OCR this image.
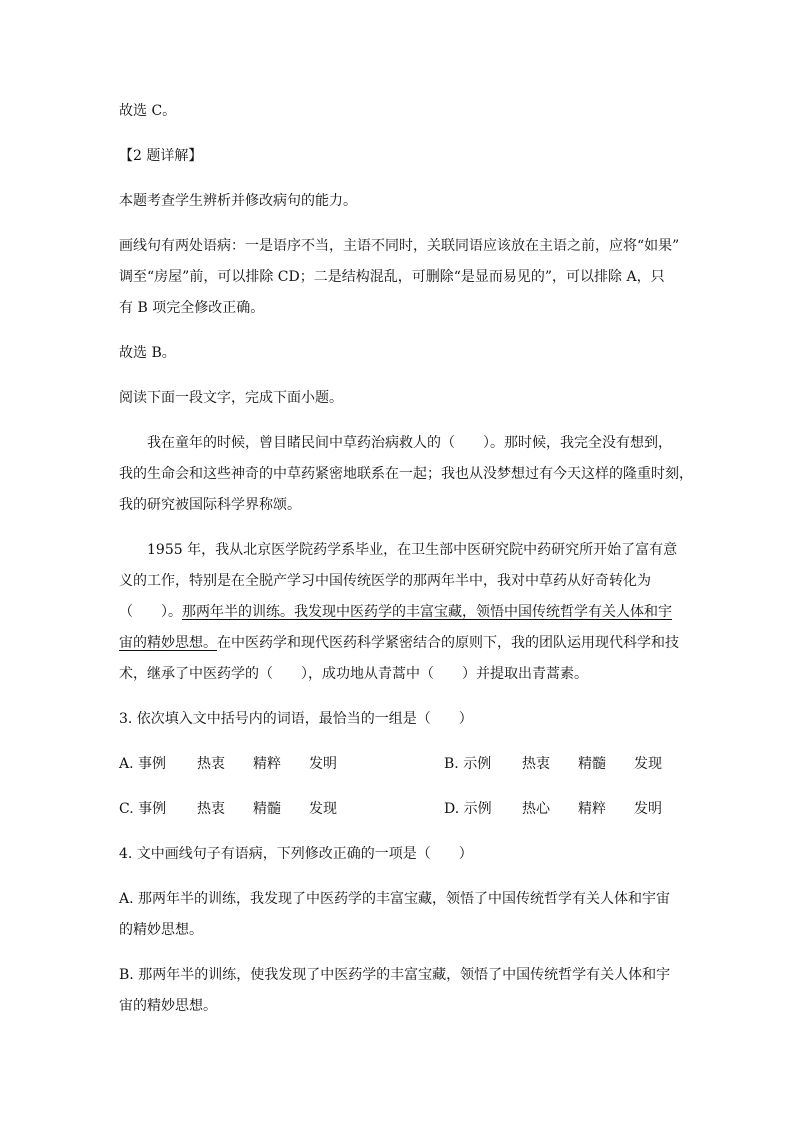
故选 C。
【2 题详解】
本题考查学生辨析并修改病句的能力。
画线句有两处语病：一是语序不当，主语不同时，关联同语应该放在主语之前，应将“如果”
调至“房屋”前，可以排除 CD；二是结构混乱，可删除“是显而易见的”，可以排除 A，只
有 B 项完全修改正确。
故选 B。
阅读下面一段文字，完成下面小题。
我在童年的时候，曾目睹民间中草药治病救人的（　　）。那时候，我完全没有想到，
我的生命会和这些神奇的中草药紧密地联系在一起；我也从没梦想过有今天这样的隆重时刻，
我的研究被国际科学界称颂。
1955 年，我从北京医学院药学系毕业，在卫生部中医研究院中药研究所开始了富有意
义的工作，特别是在全脱产学习中国传统医学的那两年半中，我对中草药从好奇转化为
（　　）。那两年半的训练。我发现中医药学的丰富宝藏，领悟中国传统哲学有关人体和宇
宙的精妙思想。在中医药学和现代医药科学紧密结合的原则下，我的团队运用现代科学和技
术，继承了中医药学的（　　），成功地从青蒿中（　　）并提取出青蒿素。
3. 依次填入文中括号内的词语，最恰当的一组是（　　）
A. 事例 热衷 精粹 发明	B. 示例 热衷 精髓 发现
C. 事例 热衷 精髓 发现	D. 示例 热心 精粹 发明
4. 文中画线句子有语病，下列修改正确的一项是（　　）
A. 那两年半的训练，我发现了中医药学的丰富宝藏，领悟了中国传统哲学有关人体和宇宙
的精妙思想。
B. 那两年半的训练，使我发现了中医药学的丰富宝藏，领悟了中国传统哲学有关人体和宇
宙的精妙思想。
